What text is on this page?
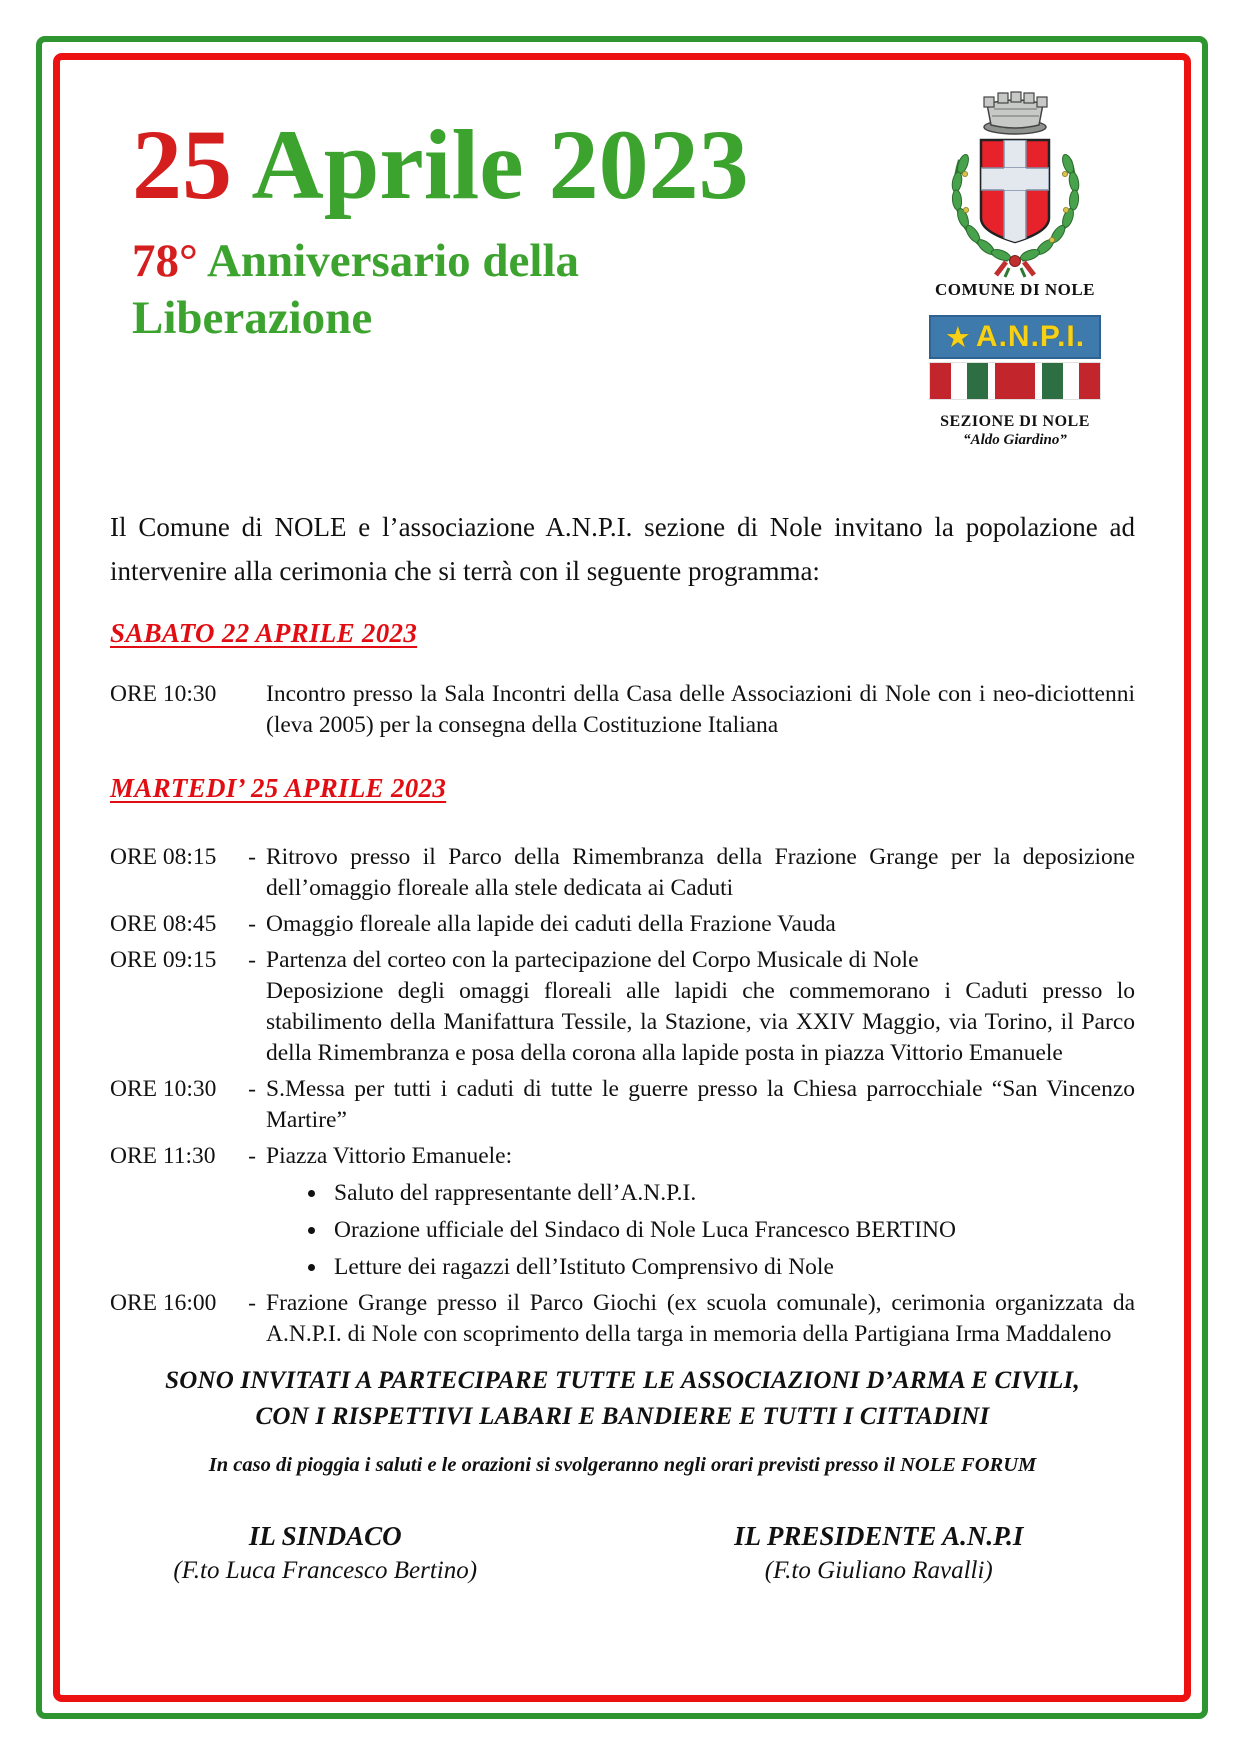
25 Aprile 2023
78° Anniversario della
Liberazione
COMUNE DI NOLE
★ A.N.P.I.
SEZIONE DI NOLE
“Aldo Giardino”

Il Comune di NOLE e l’associazione A.N.P.I. sezione di Nole invitano la popolazione ad intervenire alla cerimonia che si terrà con il seguente programma:

SABATO 22 APRILE 2023
ORE 10:30	Incontro presso la Sala Incontri della Casa delle Associazioni di Nole con i neo-diciottenni (leva 2005) per la consegna della Costituzione Italiana

MARTEDI’ 25 APRILE 2023
ORE 08:15	- Ritrovo presso il Parco della Rimembranza della Frazione Grange per la deposizione dell’omaggio floreale alla stele dedicata ai Caduti

ORE 08:45	- Omaggio floreale alla lapide dei caduti della Frazione Vauda

ORE 09:15	- Partenza del corteo con la partecipazione del Corpo Musicale di Nole

Deposizione degli omaggi floreali alle lapidi che commemorano i Caduti presso lo stabilimento della Manifattura Tessile, la Stazione, via XXIV Maggio, via Torino, il Parco della Rimembranza e posa della corona alla lapide posta in piazza Vittorio Emanuele

ORE 10:30	- S.Messa per tutti i caduti di tutte le guerre presso la Chiesa parrocchiale “San Vincenzo Martire”

ORE 11:30	- Piazza Vittorio Emanuele:

• Saluto del rappresentante dell’A.N.P.I.
• Orazione ufficiale del Sindaco di Nole Luca Francesco BERTINO
• Letture dei ragazzi dell’Istituto Comprensivo di Nole
ORE 16:00	- Frazione Grange presso il Parco Giochi (ex scuola comunale), cerimonia organizzata da A.N.P.I. di Nole con scoprimento della targa in memoria della Partigiana Irma Maddaleno

SONO INVITATI A PARTECIPARE TUTTE LE ASSOCIAZIONI D’ARMA E CIVILI, CON I RISPETTIVI LABARI E BANDIERE E TUTTI I CITTADINI

In caso di pioggia i saluti e le orazioni si svolgeranno negli orari previsti presso il NOLE FORUM

IL SINDACO
(F.to Luca Francesco Bertino)
IL PRESIDENTE A.N.P.I
(F.to Giuliano Ravalli)
